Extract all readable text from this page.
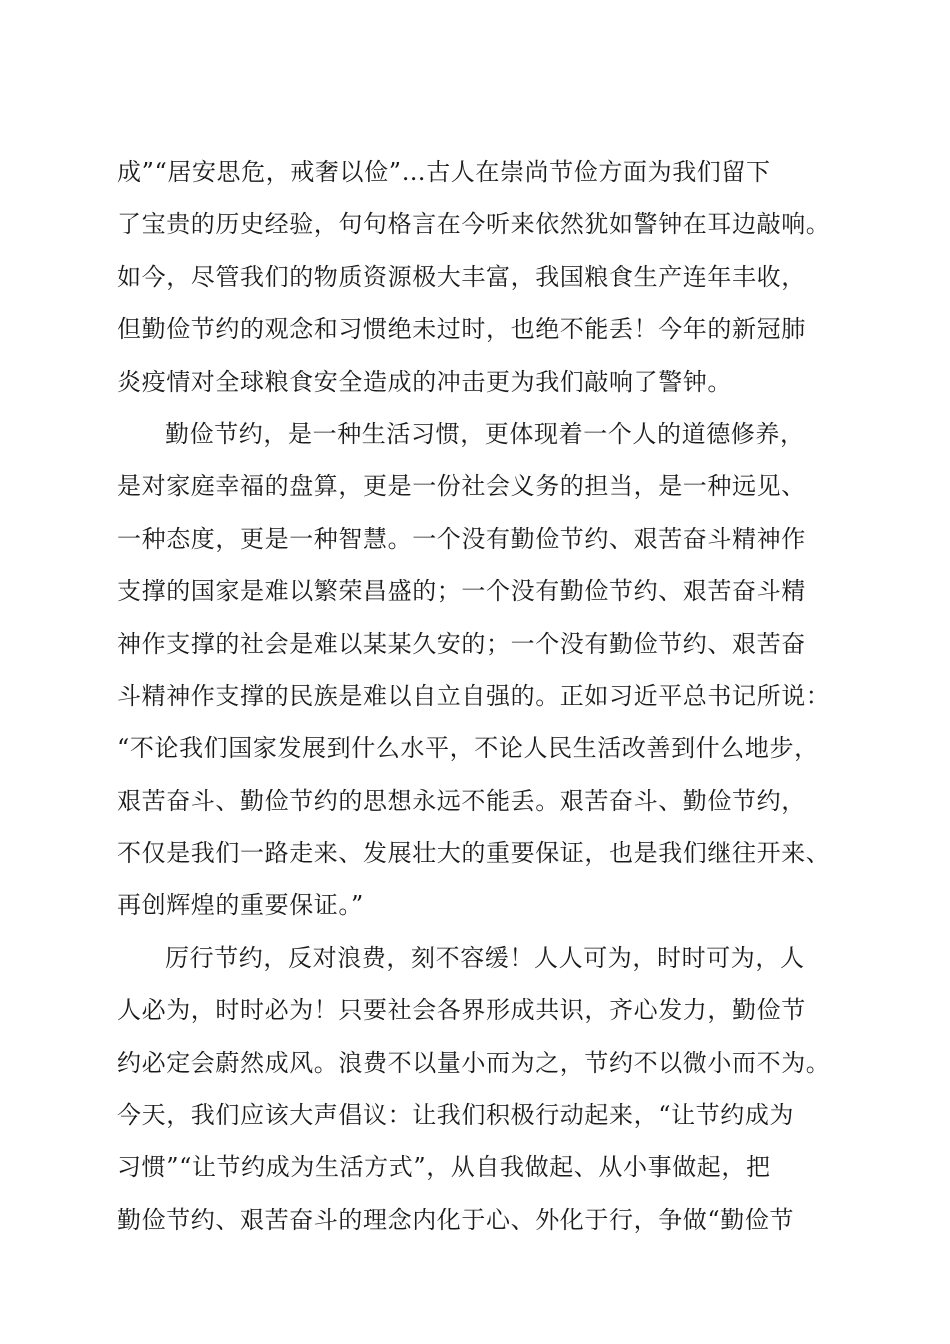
成”“居安思危，戒奢以俭”…古人在崇尚节俭方面为我们留下
了宝贵的历史经验，句句格言在今听来依然犹如警钟在耳边敲响。
如今，尽管我们的物质资源极大丰富，我国粮食生产连年丰收，
但勤俭节约的观念和习惯绝未过时，也绝不能丢！今年的新冠肺
炎疫情对全球粮食安全造成的冲击更为我们敲响了警钟。
勤俭节约，是一种生活习惯，更体现着一个人的道德修养，
是对家庭幸福的盘算，更是一份社会义务的担当，是一种远见、
一种态度，更是一种智慧。一个没有勤俭节约、艰苦奋斗精神作
支撑的国家是难以繁荣昌盛的；一个没有勤俭节约、艰苦奋斗精
神作支撑的社会是难以某某久安的；一个没有勤俭节约、艰苦奋
斗精神作支撑的民族是难以自立自强的。正如习近平总书记所说：
“不论我们国家发展到什么水平，不论人民生活改善到什么地步，
艰苦奋斗、勤俭节约的思想永远不能丢。艰苦奋斗、勤俭节约，
不仅是我们一路走来、发展壮大的重要保证，也是我们继往开来、
再创辉煌的重要保证。”
厉行节约，反对浪费，刻不容缓！人人可为，时时可为，人
人必为，时时必为！只要社会各界形成共识，齐心发力，勤俭节
约必定会蔚然成风。浪费不以量小而为之，节约不以微小而不为。
今天，我们应该大声倡议：让我们积极行动起来，“让节约成为
习惯”“让节约成为生活方式”，从自我做起、从小事做起，把
勤俭节约、艰苦奋斗的理念内化于心、外化于行，争做“勤俭节
